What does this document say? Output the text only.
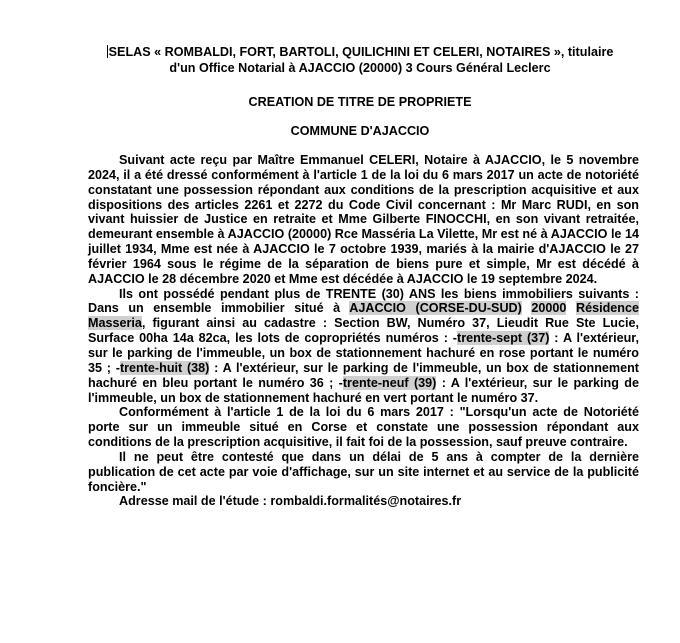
SELAS « ROMBALDI, FORT, BARTOLI, QUILICHINI ET CELERI, NOTAIRES », titulaire
d'un Office Notarial à AJACCIO (20000) 3 Cours Général Leclerc
CREATION DE TITRE DE PROPRIETE
COMMUNE D'AJACCIO

Suivant acte reçu par Maître Emmanuel CELERI, Notaire à AJACCIO, le 5 novembre 2024, il a été dressé conformément à l'article 1 de la loi du 6 mars 2017 un acte de notoriété constatant une possession répondant aux conditions de la prescription acquisitive et aux dispositions des articles 2261 et 2272 du Code Civil concernant : Mr Marc RUDI, en son vivant huissier de Justice en retraite et Mme Gilberte FINOCCHI, en son vivant retraitée, demeurant ensemble à AJACCIO (20000) Rce Masséria La Vilette, Mr est né à AJACCIO le 14 juillet 1934, Mme est née à AJACCIO le 7 octobre 1939, mariés à la mairie d'AJACCIO le 27 février 1964 sous le régime de la séparation de biens pure et simple, Mr est décédé à AJACCIO le 28 décembre 2020 et Mme est décédée à AJACCIO le 19 septembre 2024.

Ils ont possédé pendant plus de TRENTE (30) ANS les biens immobiliers suivants : Dans un ensemble immobilier situé à AJACCIO (CORSE-DU-SUD) 20000 Résidence Masseria, figurant ainsi au cadastre : Section BW, Numéro 37, Lieudit Rue Ste Lucie, Surface 00ha 14a 82ca, les lots de copropriétés numéros : -trente-sept (37) : A l'extérieur, sur le parking de l'immeuble, un box de stationnement hachuré en rose portant le numéro 35 ; -trente-huit (38) : A l'extérieur, sur le parking de l'immeuble, un box de stationnement hachuré en bleu portant le numéro 36 ; -trente-neuf (39) : A l'extérieur, sur le parking de l'immeuble, un box de stationnement hachuré en vert portant le numéro 37.

Conformément à l'article 1 de la loi du 6 mars 2017 : "Lorsqu'un acte de Notoriété porte sur un immeuble situé en Corse et constate une possession répondant aux conditions de la prescription acquisitive, il fait foi de la possession, sauf preuve contraire.

Il ne peut être contesté que dans un délai de 5 ans à compter de la dernière publication de cet acte par voie d'affichage, sur un site internet et au service de la publicité foncière."

Adresse mail de l'étude : rombaldi.formalités@notaires.fr
